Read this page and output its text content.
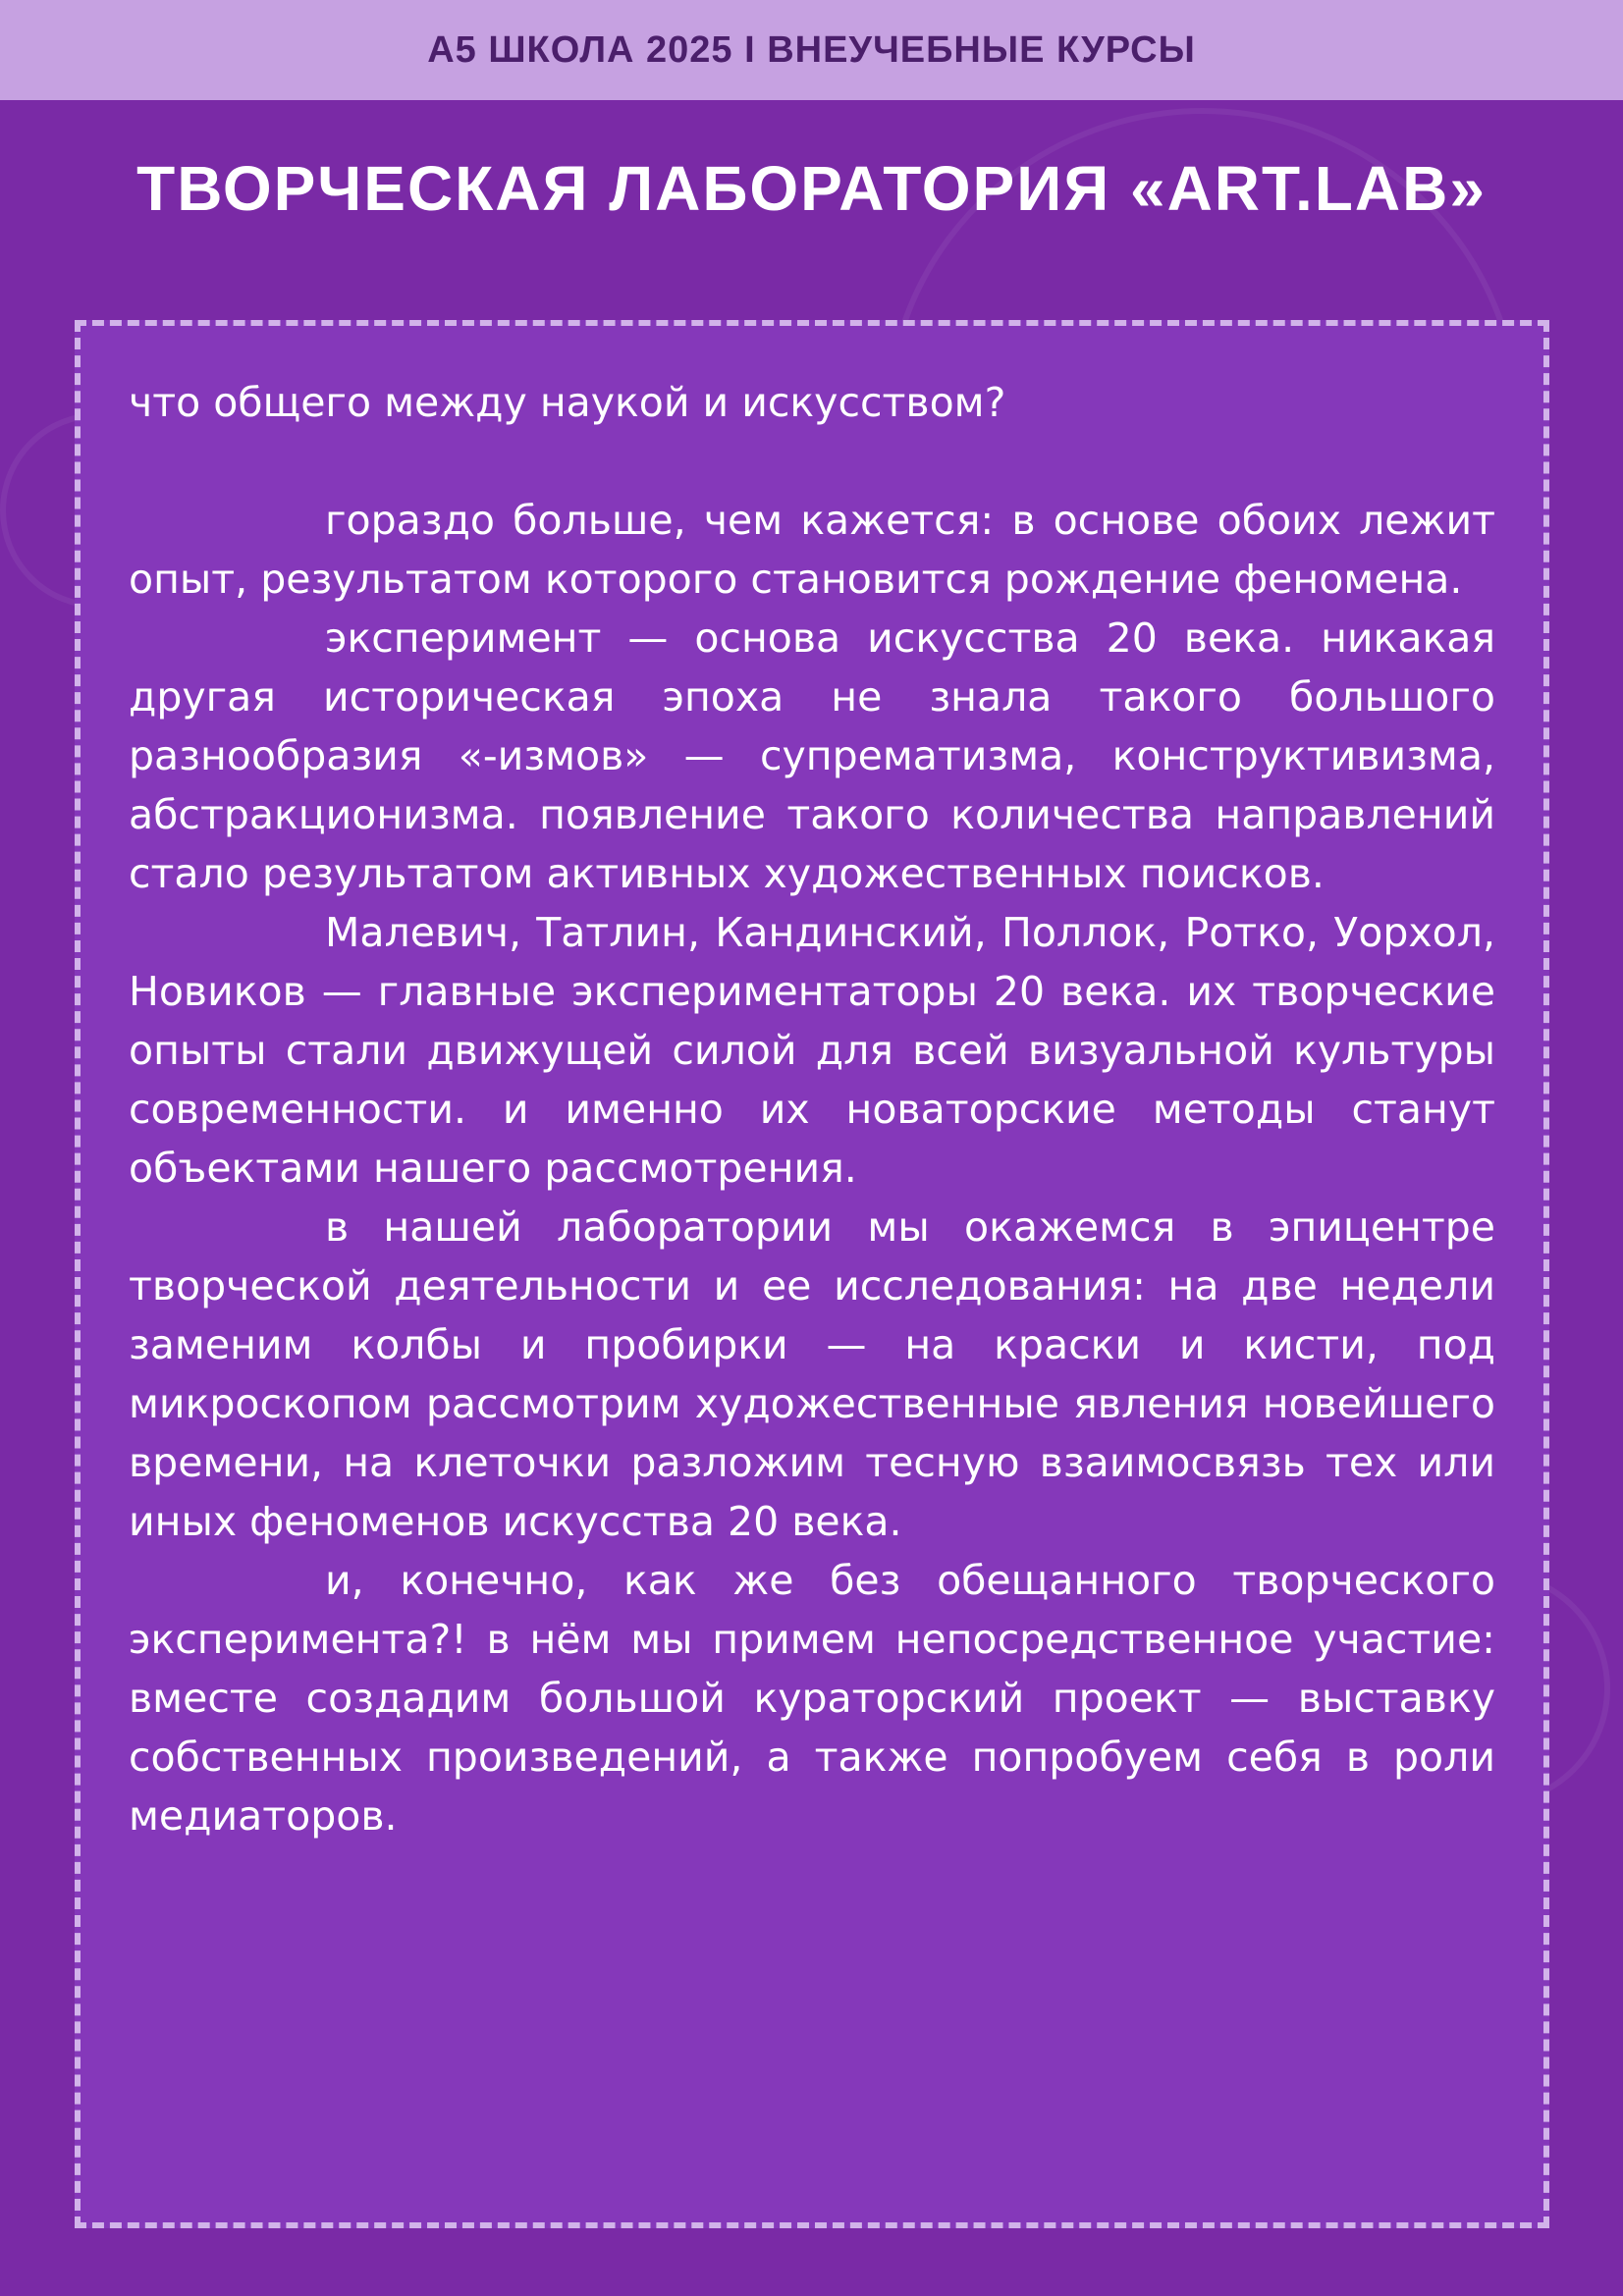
А5 ШКОЛА 2025 I ВНЕУЧЕБНЫЕ КУРСЫ
ТВОРЧЕСКАЯ ЛАБОРАТОРИЯ «ART.LAB»

что общего между наукой и искусством?

гораздо больше, чем кажется: в основе обоих лежит опыт, результатом которого становится рождение феномена.

эксперимент — основа искусства 20 века. никакая другая историческая эпоха не знала такого большого разнообразия «-измов» — супрематизма, конструктивизма, абстракционизма. появление такого количества направлений стало результатом активных художественных поисков.

Малевич, Татлин, Кандинский, Поллок, Ротко, Уорхол, Новиков — главные экспериментаторы 20 века. их творческие опыты стали движущей силой для всей визуальной культуры современности. и именно их новаторские методы станут объектами нашего рассмотрения.

в нашей лаборатории мы окажемся в эпицентре творческой деятельности и ее исследования: на две недели заменим колбы и пробирки — на краски и кисти, под микроскопом рассмотрим художественные явления новейшего времени, на клеточки разложим тесную взаимосвязь тех или иных феноменов искусства 20 века.

и, конечно, как же без обещанного творческого эксперимента?! в нём мы примем непосредственное участие: вместе создадим большой кураторский проект — выставку собственных произведений, а также попробуем себя в роли медиаторов.
